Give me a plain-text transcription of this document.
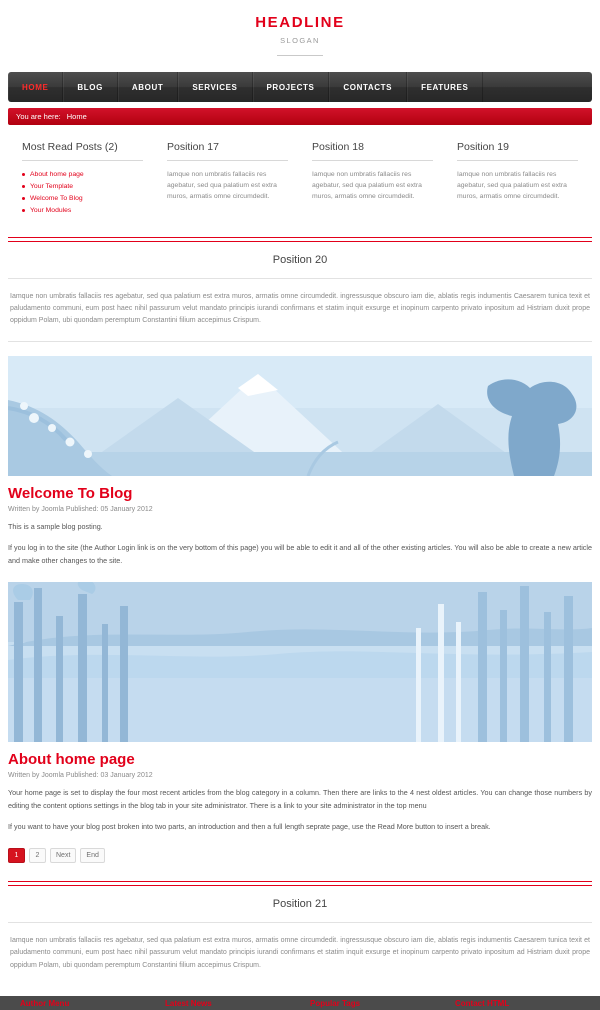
HEADLINE
SLOGAN
HOME	BLOG	ABOUT	SERVICES	PROJECTS	CONTACTS	FEATURES
You are here: Home
Most Read Posts (2)
About home page
Your Template
Welcome To Blog
Your Modules
Position 17
Iamque non umbratis fallaciis res agebatur, sed qua palatium est extra muros, armatis omne circumdedit.
Position 18
Iamque non umbratis fallaciis res agebatur, sed qua palatium est extra muros, armatis omne circumdedit.
Position 19
Iamque non umbratis fallaciis res agebatur, sed qua palatium est extra muros, armatis omne circumdedit.
Position 20
Iamque non umbratis fallaciis res agebatur, sed qua palatium est extra muros, armatis omne circumdedit. ingressusque obscuro iam die, ablatis regis indumentis Caesarem tunica texit et paludamento communi, eum post haec nihil passurum velut mandato principis iurandi confirmans et statim inquit exsurge et inopinum carpento privato inpositum ad Histriam duxit prope oppidum Polam, ubi quondam peremptum Constantini filium accepimus Crispum.
Welcome To Blog
Written by Joomla Published: 05 January 2012

This is a sample blog posting.

If you log in to the site (the Author Login link is on the very bottom of this page) you will be able to edit it and all of the other existing articles. You will also be able to create a new article and make other changes to the site.

About home page
Written by Joomla Published: 03 January 2012

Your home page is set to display the four most recent articles from the blog category in a column. Then there are links to the 4 nest oldest articles. You can change those numbers by editing the content options settings in the blog tab in your site administrator. There is a link to your site administrator in the top menu

If you want to have your blog post broken into two parts, an introduction and then a full length seprate page, use the Read More button to insert a break.

1	2	Next	End
Position 21
Iamque non umbratis fallaciis res agebatur, sed qua palatium est extra muros, armatis omne circumdedit. ingressusque obscuro iam die, ablatis regis indumentis Caesarem tunica texit et paludamento communi, eum post haec nihil passurum velut mandato principis iurandi confirmans et statim inquit exsurge et inopinum carpento privato inpositum ad Histriam duxit prope oppidum Polam, ubi quondam peremptum Constantini filium accepimus Crispum.
Author Menu	Latest News	Popular Tags	Contact HTML
